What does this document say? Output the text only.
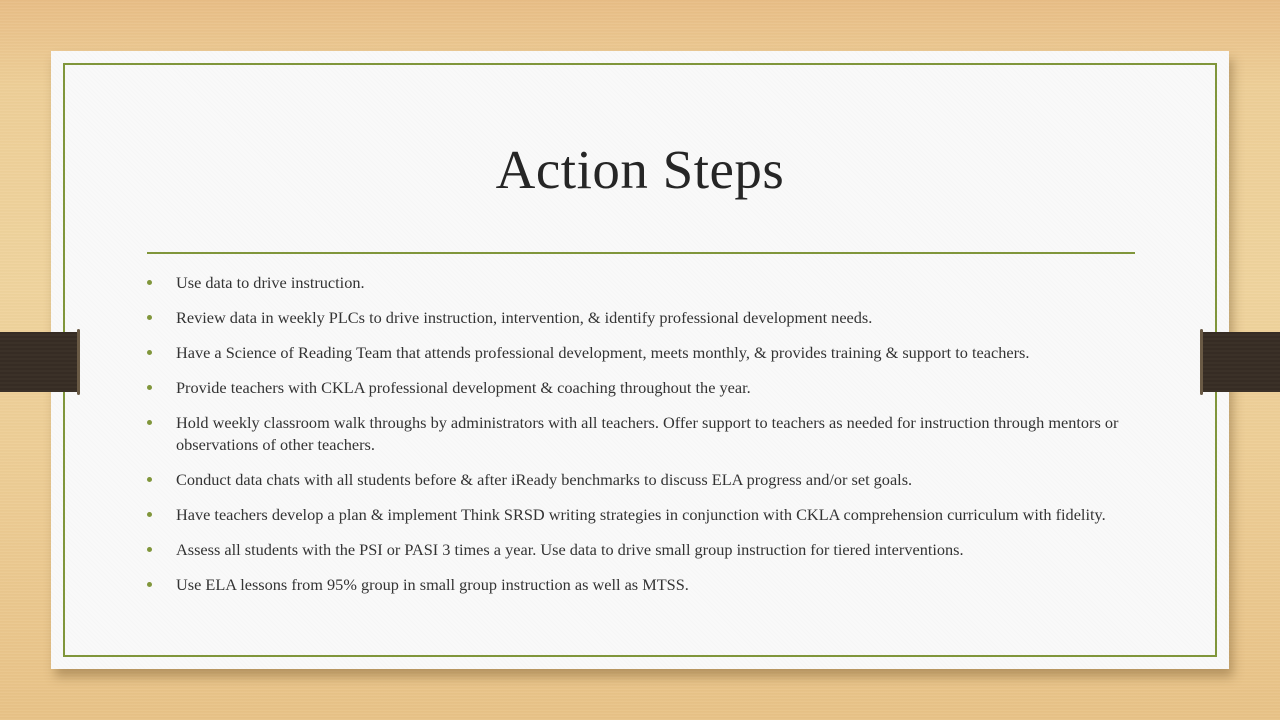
Action Steps
Use data to drive instruction.
Review data in weekly PLCs to drive instruction, intervention, & identify professional development needs.
Have a Science of Reading Team that attends professional development, meets monthly, & provides training & support to teachers.
Provide teachers with CKLA professional development & coaching throughout the year.
Hold weekly classroom walk throughs by administrators with all teachers. Offer support to teachers as needed for instruction through mentors or observations of other teachers.
Conduct data chats with all students before & after iReady benchmarks to discuss ELA progress and/or set goals.
Have teachers develop a plan & implement Think SRSD writing strategies in conjunction with CKLA comprehension curriculum with fidelity.
Assess all students with the PSI or PASI 3 times a year. Use data to drive small group instruction for tiered interventions.
Use ELA lessons from 95% group in small group instruction as well as MTSS.
